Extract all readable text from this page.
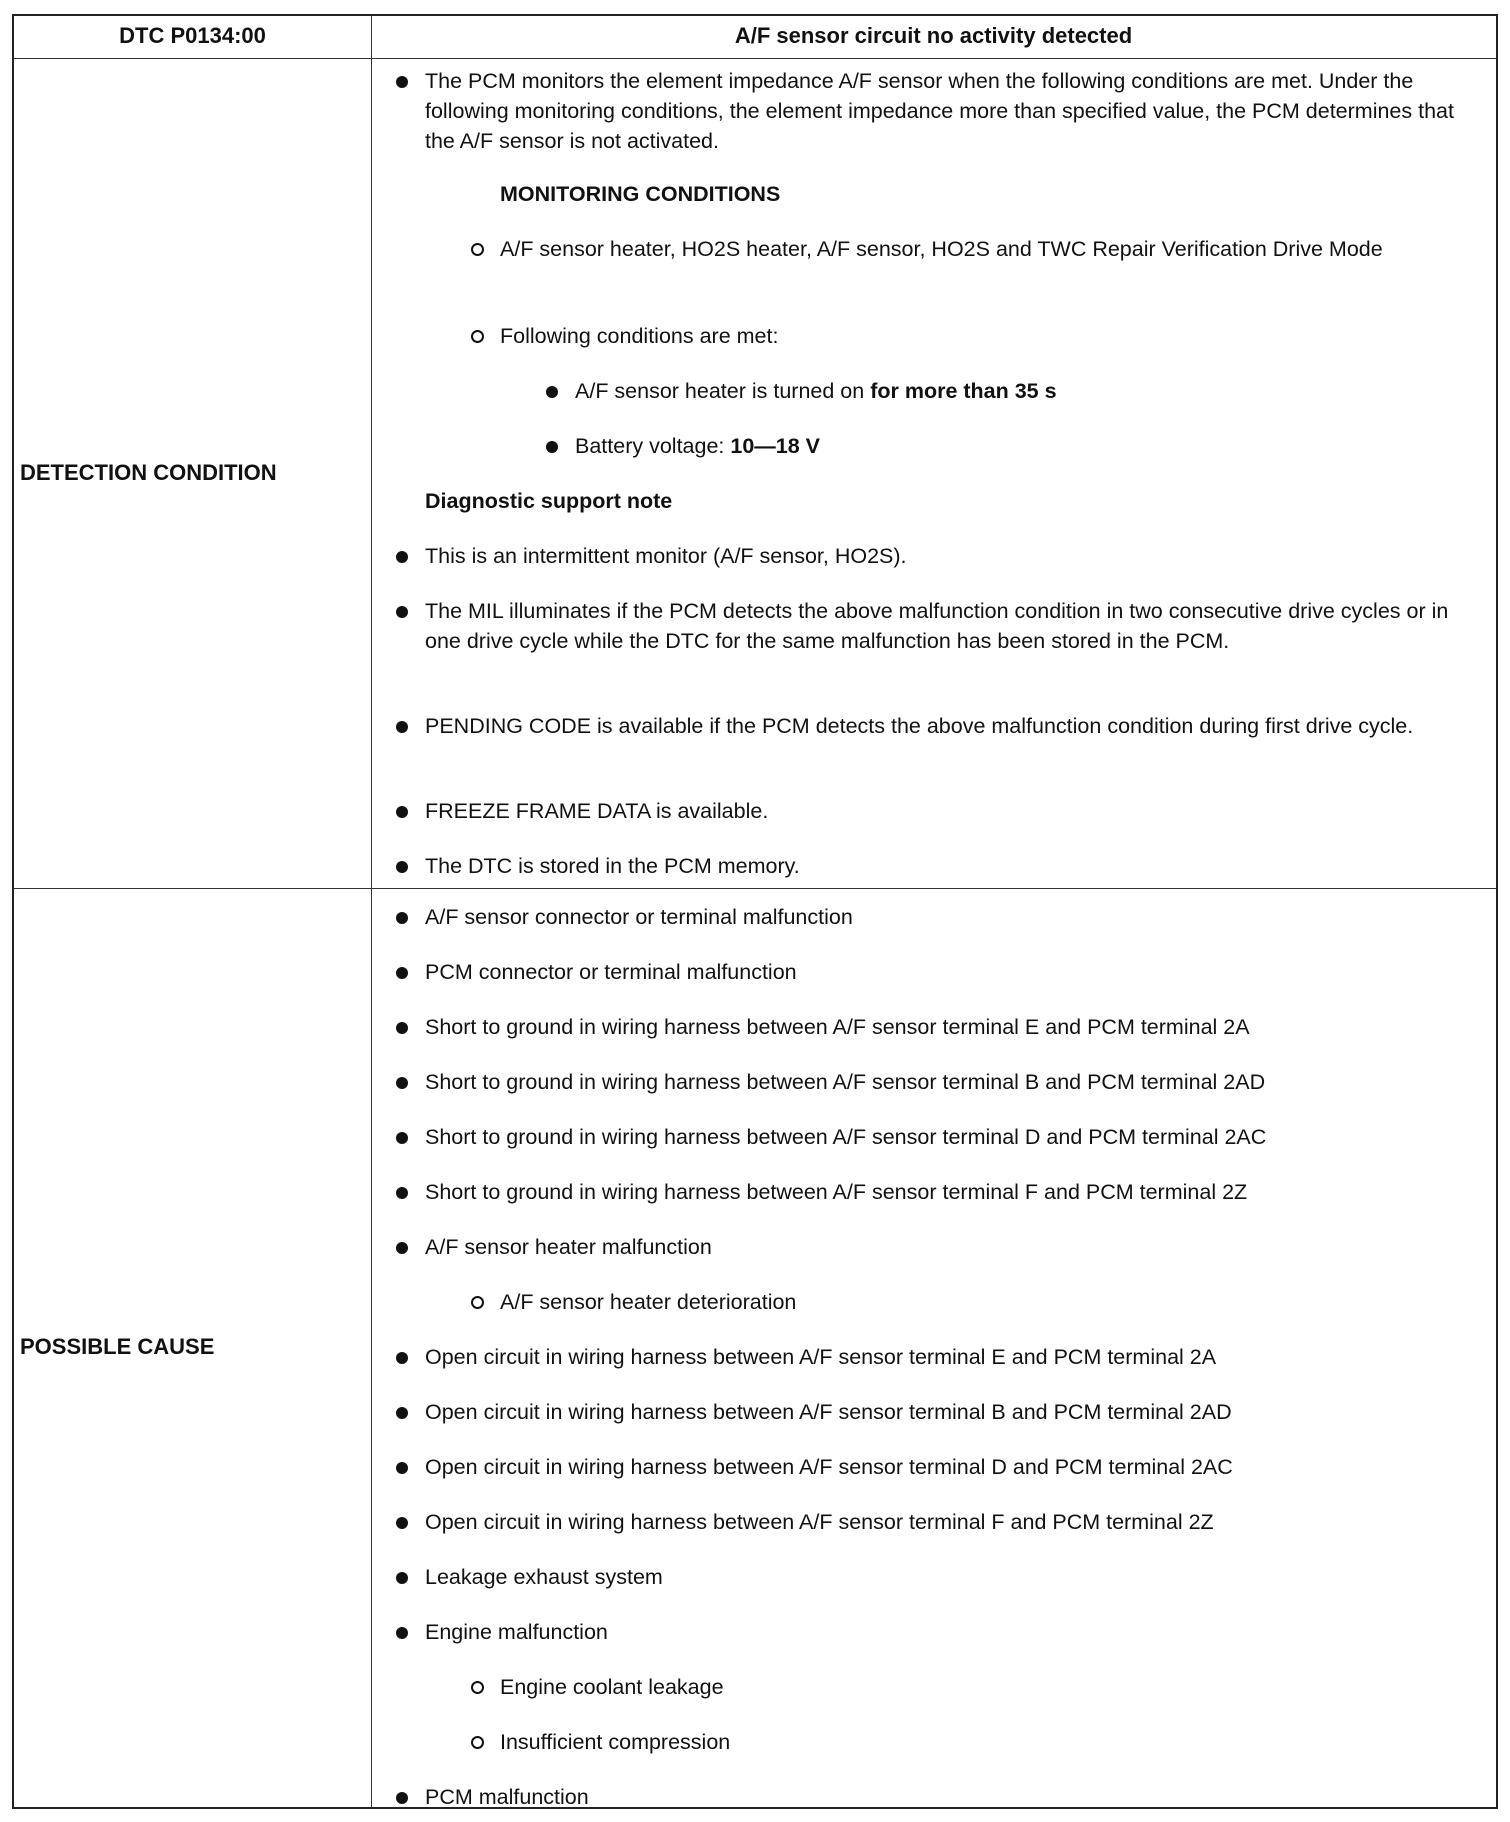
DTC P0134:00	A/F sensor circuit no activity detected
DETECTION CONDITION
POSSIBLE CAUSE
The PCM monitors the element impedance A/F sensor when the following conditions are met. Under the following monitoring conditions, the element impedance more than specified value, the PCM determines that the A/F sensor is not activated.
MONITORING CONDITIONS
A/F sensor heater, HO2S heater, A/F sensor, HO2S and TWC Repair Verification Drive Mode
Following conditions are met:
A/F sensor heater is turned on for more than 35 s
Battery voltage: 10—18 V
Diagnostic support note
This is an intermittent monitor (A/F sensor, HO2S).
The MIL illuminates if the PCM detects the above malfunction condition in two consecutive drive cycles or in one drive cycle while the DTC for the same malfunction has been stored in the PCM.
PENDING CODE is available if the PCM detects the above malfunction condition during first drive cycle.
FREEZE FRAME DATA is available.
The DTC is stored in the PCM memory.
A/F sensor connector or terminal malfunction
PCM connector or terminal malfunction
Short to ground in wiring harness between A/F sensor terminal E and PCM terminal 2A
Short to ground in wiring harness between A/F sensor terminal B and PCM terminal 2AD
Short to ground in wiring harness between A/F sensor terminal D and PCM terminal 2AC
Short to ground in wiring harness between A/F sensor terminal F and PCM terminal 2Z
A/F sensor heater malfunction
A/F sensor heater deterioration
Open circuit in wiring harness between A/F sensor terminal E and PCM terminal 2A
Open circuit in wiring harness between A/F sensor terminal B and PCM terminal 2AD
Open circuit in wiring harness between A/F sensor terminal D and PCM terminal 2AC
Open circuit in wiring harness between A/F sensor terminal F and PCM terminal 2Z
Leakage exhaust system
Engine malfunction
Engine coolant leakage
Insufficient compression
PCM malfunction
